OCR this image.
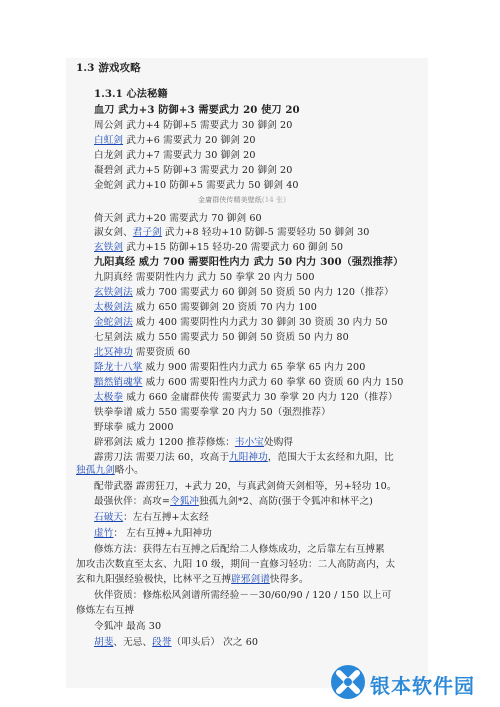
1.3 游戏攻略
1.3.1 心法秘籍
血刀 武力+3 防御+3 需要武力 20 使刀 20
周公剑 武力+4 防御+5 需要武力 30 御剑 20
白虹剑 武力+6 需要武力 20 御剑 20
白龙剑 武力+7 需要武力 30 御剑 20
凝碧剑 武力+5 防御+3 需要武力 20 御剑 20
金蛇剑 武力+10 防御+5 需要武力 50 御剑 40
倚天剑 武力+20 需要武力 70 御剑 60
淑女剑、君子剑 武力+8 轻功+10 防御-5 需要轻功 50 御剑 30
玄铁剑 武力+15 防御+15 轻功-20 需要武力 60 御剑 50
九阳真经 威力 700 需要阳性内力 武力 50 内力 300（强烈推荐）
九阴真经 需要阴性内力 武力 50 拳掌 20 内力 500
玄铁剑法 威力 700 需要武力 60 御剑 50 资质 50 内力 120（推荐）
太极剑法 威力 650 需要御剑 20 资质 70 内力 100
金蛇剑法 威力 400 需要阴性内力武力 30 御剑 30 资质 30 内力 50
七星剑法 威力 550 需要武力 50 御剑 50 资质 50 内力 80
北冥神功 需要资质 60
降龙十八掌 威力 900 需要阳性内力武力 65 拳掌 65 内力 200
黯然销魂掌 威力 600 需要阳性内力武力 60 拳掌 60 资质 60 内力 150
太极拳 威力 660 金庸群侠传 需要武力 30 拳掌 20 内力 120（推荐）
铁拳拳谱 威力 550 需要拳掌 20 内力 50（强烈推荐）
野球拳 威力 2000
辟邪剑法 威力 1200 推荐修炼：韦小宝处购得
霹雳刀法 需要刀法 60，攻高于九阳神功，范围大于太玄经和九阳，比
独孤九剑略小。
配带武器 霹雳狂刀，+武力 20，与真武剑倚天剑相等，另+轻功 10。
最强伙伴：高攻=令狐冲独孤九剑*2、高防(强于令狐冲和林平之)
石破天：左右互搏+太玄经
虚竹： 左右互搏+九阳神功
修炼方法：获得左右互搏之后配给二人修炼成功，之后靠左右互搏累
加攻击次数直至太玄、九阳 10 级，期间一直修习轻功：二人高防高内，太
玄和九阳强经验极快，比林平之互搏辟邪剑谱快得多。
伙伴资质：修炼松风剑谱所需经验－－30/60/90 / 120 / 150 以上可
修炼左右互搏
令狐冲 最高 30
胡斐、无忌、段誉（叩头后） 次之 60
金庸群侠传精美壁纸(14 张)
银本软件园
